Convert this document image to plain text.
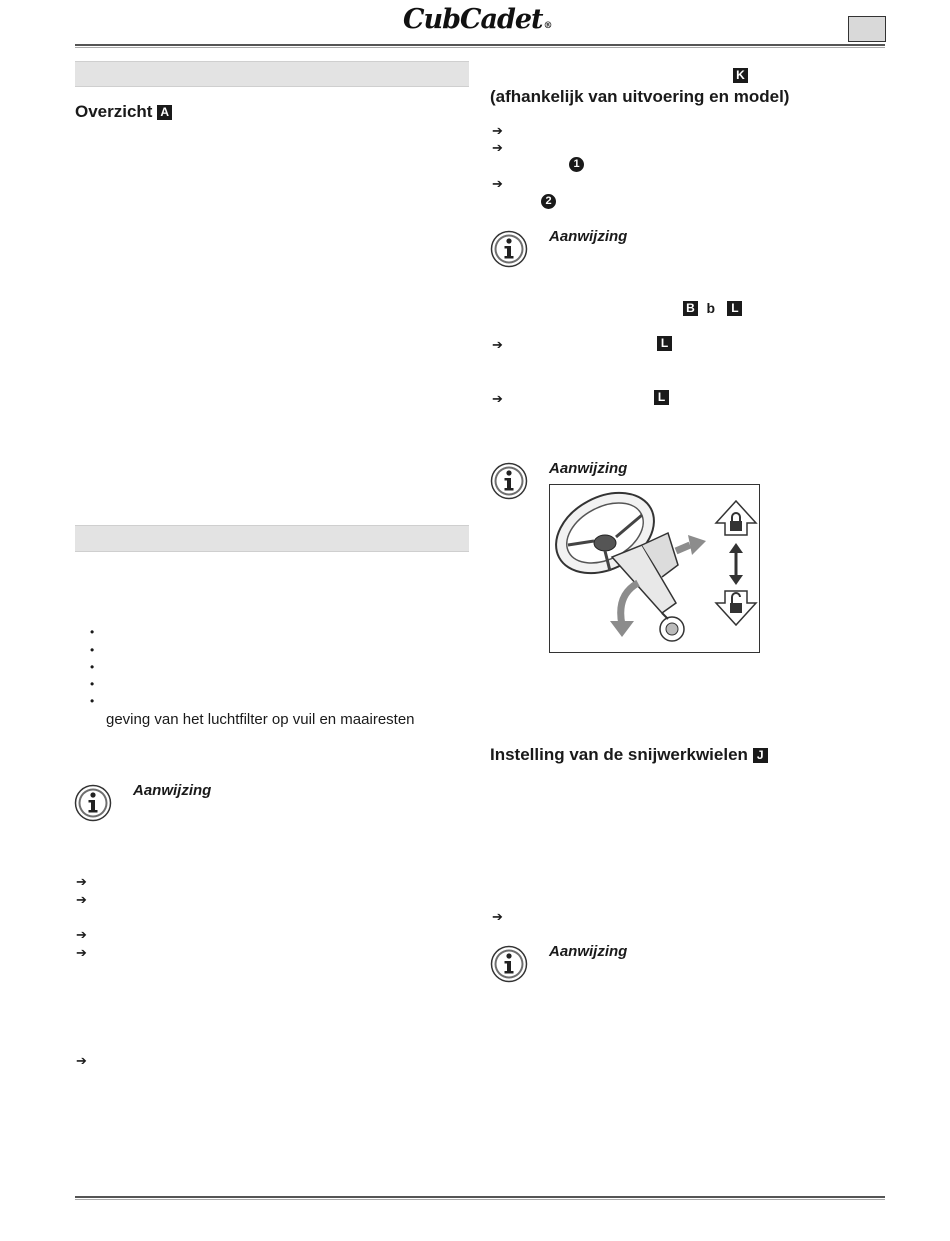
CubCadet®
Overzicht A
•
•
•
•
•
geving van het luchtfilter op vuil en maairesten
Aanwijzing
➔
➔
➔
➔
➔
K
(afhankelijk van uitvoering en model)
➔
➔
1
➔
2
Aanwijzing
B b L
➔	L
➔	L
Aanwijzing
Instelling van de snijwerkwielen J
➔
Aanwijzing
